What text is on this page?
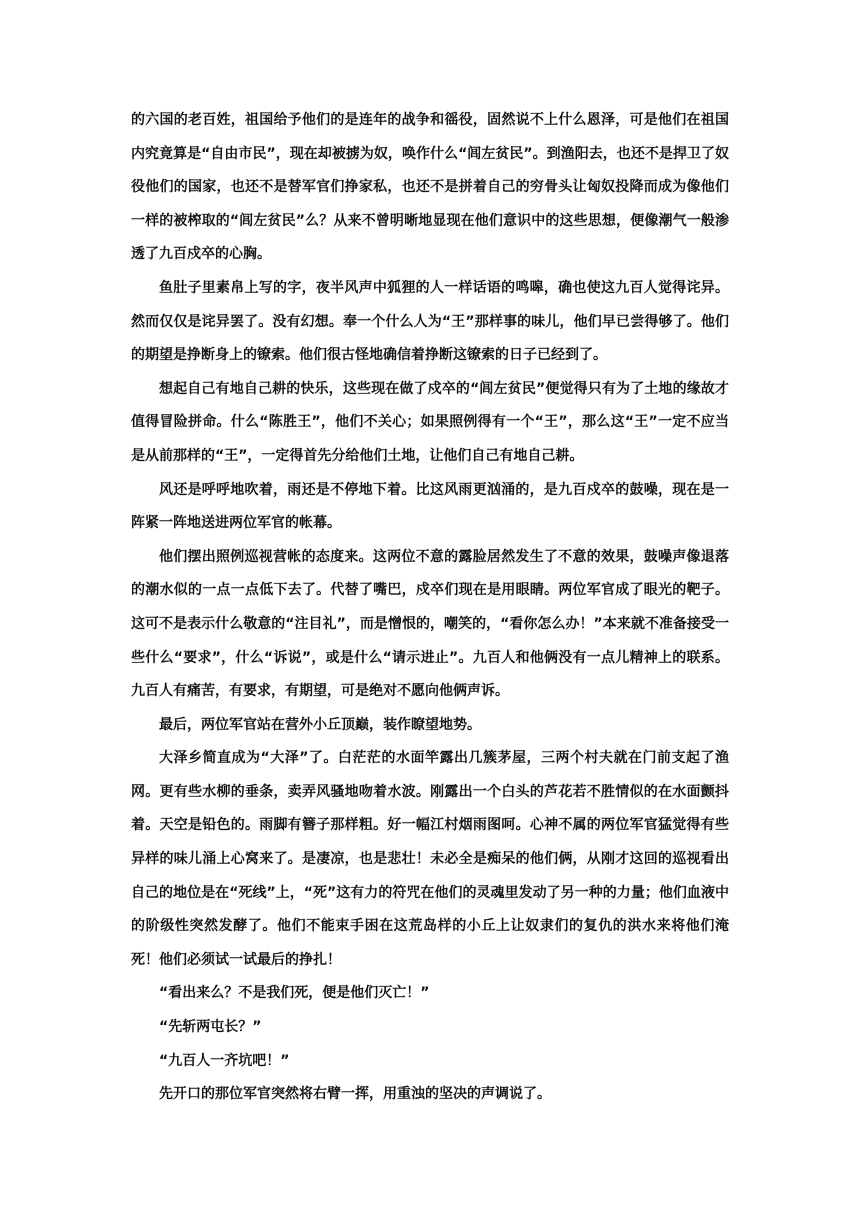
的六国的老百姓，祖国给予他们的是连年的战争和徭役，固然说不上什么恩泽，可是他们在祖国内究竟算是“自由市民”，现在却被掳为奴，唤作什么“闾左贫民”。到渔阳去，也还不是捍卫了奴役他们的国家，也还不是替军官们挣家私，也还不是拼着自己的穷骨头让匈奴投降而成为像他们一样的被榨取的“闾左贫民”么？从来不曾明晰地显现在他们意识中的这些思想，便像潮气一般渗透了九百戍卒的心胸。

鱼肚子里素帛上写的字，夜半风声中狐狸的人一样话语的鸣嗥，确也使这九百人觉得诧异。然而仅仅是诧异罢了。没有幻想。奉一个什么人为“王”那样事的味儿，他们早已尝得够了。他们的期望是挣断身上的镣索。他们很古怪地确信着挣断这镣索的日子已经到了。

想起自己有地自己耕的快乐，这些现在做了戍卒的“闾左贫民”便觉得只有为了土地的缘故才值得冒险拼命。什么“陈胜王”，他们不关心；如果照例得有一个“王”，那么这“王”一定不应当是从前那样的“王”，一定得首先分给他们土地，让他们自己有地自己耕。

风还是呼呼地吹着，雨还是不停地下着。比这风雨更汹涌的，是九百戍卒的鼓噪，现在是一阵紧一阵地送进两位军官的帐幕。

他们摆出照例巡视营帐的态度来。这两位不意的露脸居然发生了不意的效果，鼓噪声像退落的潮水似的一点一点低下去了。代替了嘴巴，戍卒们现在是用眼睛。两位军官成了眼光的靶子。这可不是表示什么敬意的“注目礼”，而是憎恨的，嘲笑的，“看你怎么办！”本来就不准备接受一些什么“要求”，什么“诉说”，或是什么“请示进止”。九百人和他俩没有一点儿精神上的联系。九百人有痛苦，有要求，有期望，可是绝对不愿向他俩声诉。

最后，两位军官站在营外小丘顶巅，装作瞭望地势。

大泽乡简直成为“大泽”了。白茫茫的水面竿露出几簇茅屋，三两个村夫就在门前支起了渔网。更有些水柳的垂条，卖弄风骚地吻着水波。刚露出一个白头的芦花若不胜情似的在水面颤抖着。天空是铅色的。雨脚有簪子那样粗。好一幅江村烟雨图呵。心神不属的两位军官猛觉得有些异样的味儿涌上心窝来了。是凄凉，也是悲壮！未必全是痴呆的他们俩，从刚才这回的巡视看出自己的地位是在“死线”上，“死”这有力的符咒在他们的灵魂里发动了另一种的力量；他们血液中的阶级性突然发酵了。他们不能束手困在这荒岛样的小丘上让奴隶们的复仇的洪水来将他们淹死！他们必须试一试最后的挣扎！

“看出来么？不是我们死，便是他们灭亡！”

“先斩两屯长？”

“九百人一齐坑吧！”

先开口的那位军官突然将右臂一挥，用重浊的坚决的声调说了。
